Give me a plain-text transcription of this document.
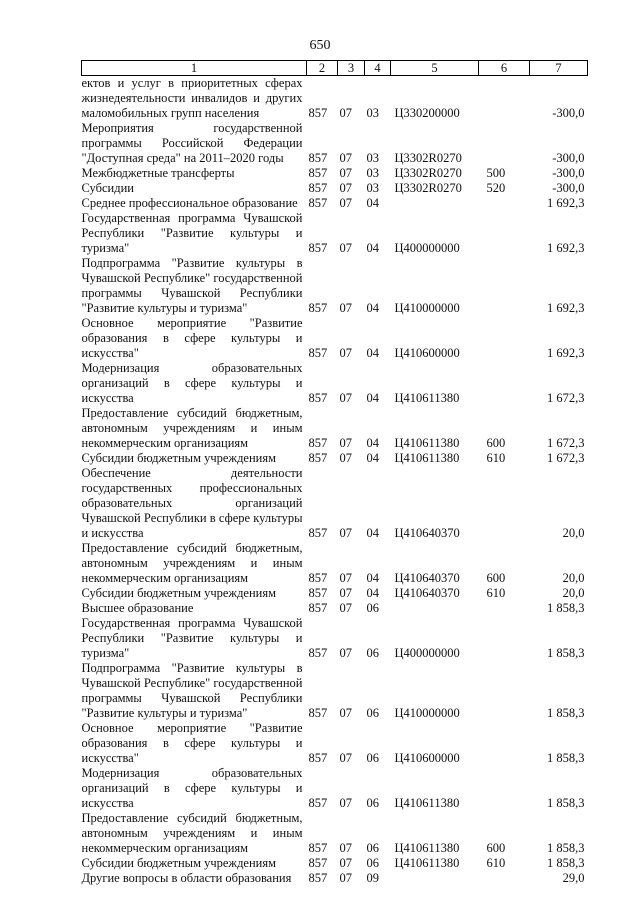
650
1	2	3	4	5	6	7
ектов и услуг в приоритетных сферах жизнедеятельности инвалидов и других маломобильных групп населения	857	07	03	Ц330200000		-300,0
Мероприятия государственной программы Российской Федерации "Доступная среда" на 2011–2020 годы	857	07	03	Ц3302R0270		-300,0
Межбюджетные трансферты	857	07	03	Ц3302R0270	500	-300,0
Субсидии	857	07	03	Ц3302R0270	520	-300,0
Среднее профессиональное образование	857	07	04			1 692,3
Государственная программа Чувашской Республики "Развитие культуры и туризма"	857	07	04	Ц400000000		1 692,3
Подпрограмма "Развитие культуры в Чувашской Республике" государственной программы Чувашской Республики "Развитие культуры и туризма"	857	07	04	Ц410000000		1 692,3
Основное мероприятие "Развитие образования в сфере культуры и искусства"	857	07	04	Ц410600000		1 692,3
Модернизация образовательных организаций в сфере культуры и искусства	857	07	04	Ц410611380		1 672,3
Предоставление субсидий бюджетным, автономным учреждениям и иным некоммерческим организациям	857	07	04	Ц410611380	600	1 672,3
Субсидии бюджетным учреждениям	857	07	04	Ц410611380	610	1 672,3
Обеспечение деятельности государственных профессиональных образовательных организаций Чувашской Республики в сфере культуры и искусства	857	07	04	Ц410640370		20,0
Предоставление субсидий бюджетным, автономным учреждениям и иным некоммерческим организациям	857	07	04	Ц410640370	600	20,0
Субсидии бюджетным учреждениям	857	07	04	Ц410640370	610	20,0
Высшее образование	857	07	06			1 858,3
Государственная программа Чувашской Республики "Развитие культуры и туризма"	857	07	06	Ц400000000		1 858,3
Подпрограмма "Развитие культуры в Чувашской Республике" государственной программы Чувашской Республики "Развитие культуры и туризма"	857	07	06	Ц410000000		1 858,3
Основное мероприятие "Развитие образования в сфере культуры и искусства"	857	07	06	Ц410600000		1 858,3
Модернизация образовательных организаций в сфере культуры и искусства	857	07	06	Ц410611380		1 858,3
Предоставление субсидий бюджетным, автономным учреждениям и иным некоммерческим организациям	857	07	06	Ц410611380	600	1 858,3
Субсидии бюджетным учреждениям	857	07	06	Ц410611380	610	1 858,3
Другие вопросы в области образования	857	07	09			29,0
